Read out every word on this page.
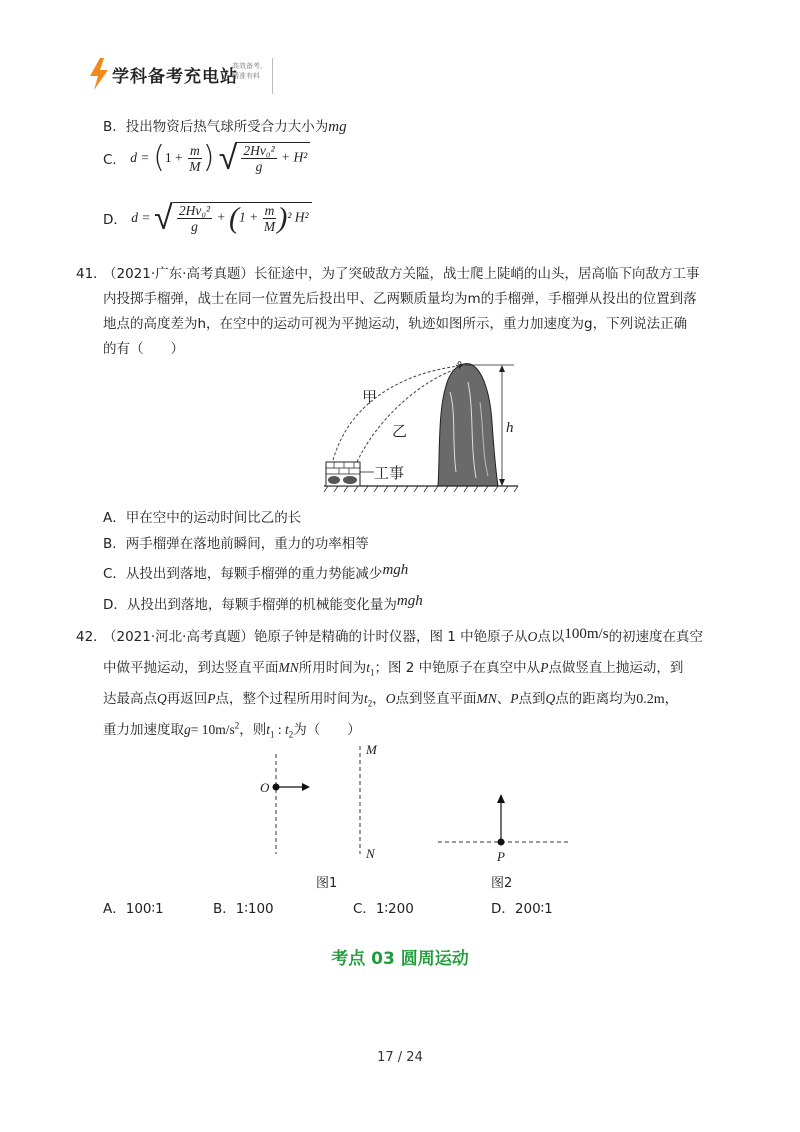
学科备考充电站
高效备考,
精准有料
B．投出物资后热气球所受合力大小为mg
C． $d = (1 + \frac{m}{M}$ ) √ $\frac{\text{2Hv₀²}}{g} + H^2$
D． d = √ $\frac{\text{2Hv₀²}}{g} + (1 + \frac{m}{M} )^2$ H²
41．
（2021·广东·高考真题）长征途中，为了突破敌方关隘，战士爬上陡峭的山头，居高临下向敌方工事
内投掷手榴弹，战士在同一位置先后投出甲、乙两颗质量均为m的手榴弹，手榴弹从投出的位置到落
地点的高度差为h，在空中的运动可视为平抛运动，轨迹如图所示，重力加速度为g，下列说法正确
的有（　　）
⚘
甲
乙	h
工事
A．甲在空中的运动时间比乙的长
B．两手榴弹在落地前瞬间，重力的功率相等
C．从投出到落地，每颗手榴弹的重力势能减少mgh
D．从投出到落地，每颗手榴弹的机械能变化量为mgh
42．
（2021·河北·高考真题）铯原子钟是精确的计时仪器，图 1 中铯原子从O点以100m/s的初速度在真空
中做平抛运动，到达竖直平面MN所用时间为$t_1$；图 2 中铯原子在真空中从P点做竖直上抛运动，到
达最高点Q再返回P点，整个过程所用时间为$t_2$，O点到竖直平面MN、P点到Q点的距离均为0.2m，
重力加速度取$g= 10m/s^2$，则$t_1$ : $t_2$为（　　）
O
M
N	P
图1	图2
A．100∶1	B．1∶100	C．1∶200	D．200∶1
考点 03 圆周运动
17 / 24
